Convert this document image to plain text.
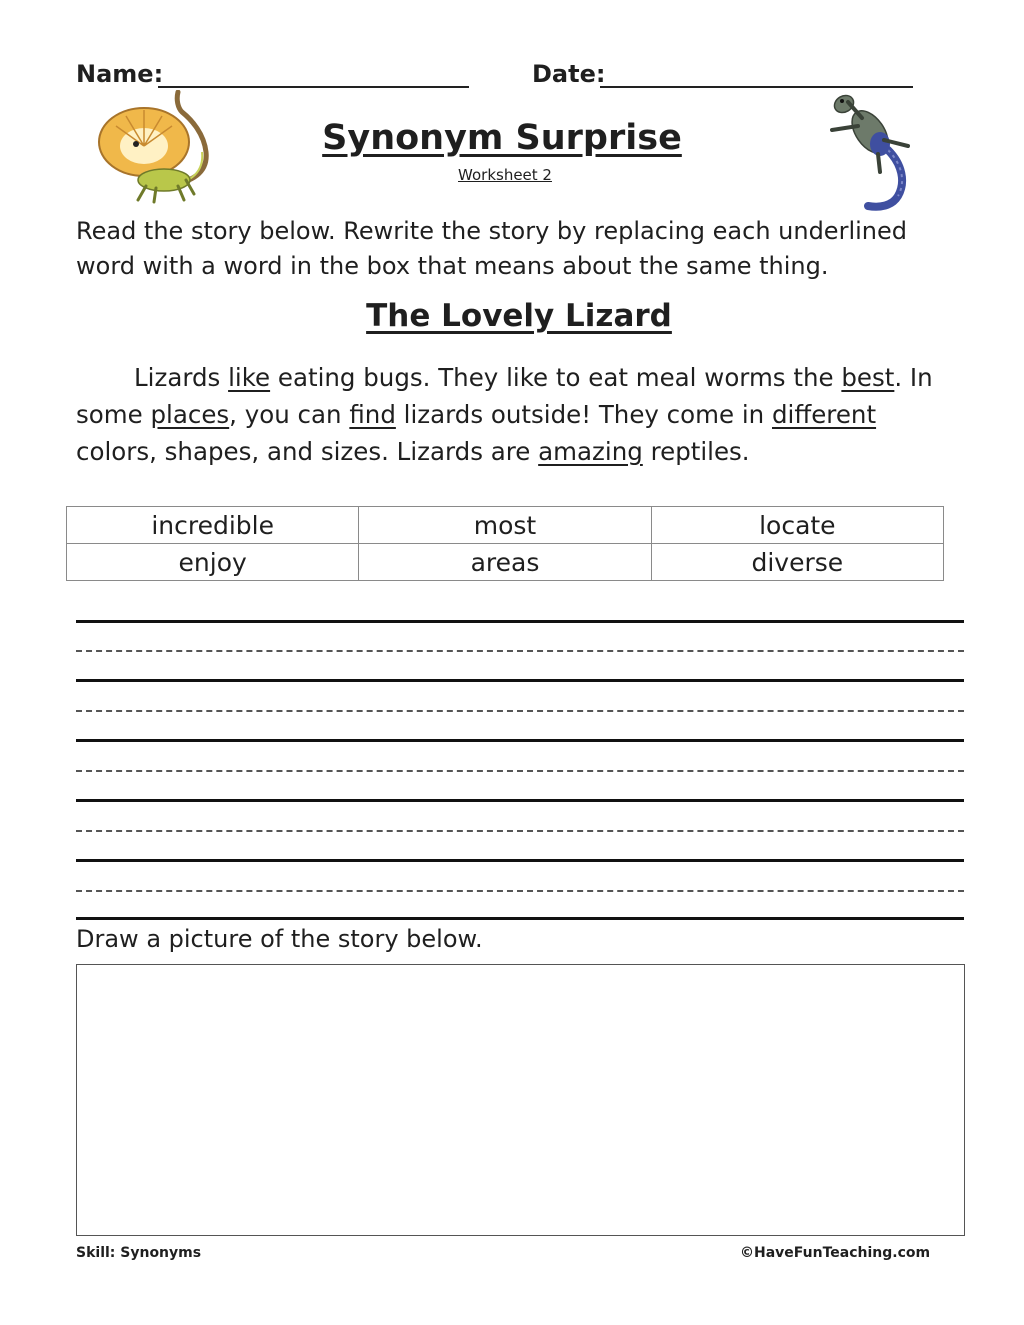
Name:	Date:
Synonym Surprise
Worksheet 2
Read the story below. Rewrite the story by replacing each underlined word with a word in the box that means about the same thing.
The Lovely Lizard
Lizards like eating bugs. They like to eat meal worms the best. In some places, you can find lizards outside! They come in different colors, shapes, and sizes. Lizards are amazing reptiles.
incredible	most	locate
enjoy	areas	diverse
Draw a picture of the story below.
Skill: Synonyms	©HaveFunTeaching.com
